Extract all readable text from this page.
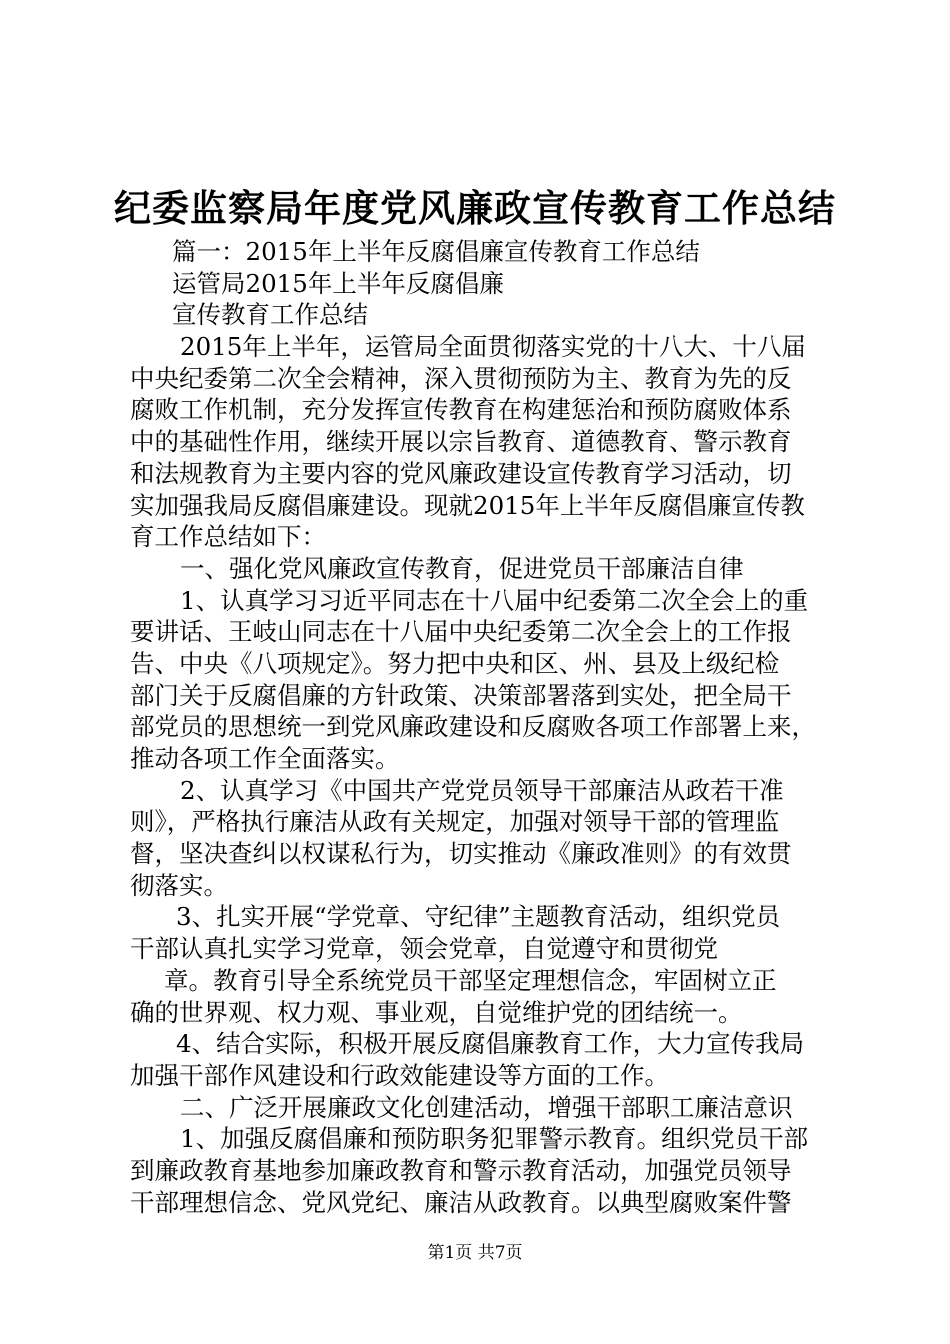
纪委监察局年度党风廉政宣传教育工作总结
篇一：2015年上半年反腐倡廉宣传教育工作总结
运管局2015年上半年反腐倡廉
宣传教育工作总结
2015年上半年，运管局全面贯彻落实党的十八大、十八届
中央纪委第二次全会精神，深入贯彻预防为主、教育为先的反
腐败工作机制，充分发挥宣传教育在构建惩治和预防腐败体系
中的基础性作用，继续开展以宗旨教育、道德教育、警示教育
和法规教育为主要内容的党风廉政建设宣传教育学习活动，切
实加强我局反腐倡廉建设。现就2015年上半年反腐倡廉宣传教
育工作总结如下：
一、强化党风廉政宣传教育，促进党员干部廉洁自律
1、认真学习习近平同志在十八届中纪委第二次全会上的重
要讲话、王岐山同志在十八届中央纪委第二次全会上的工作报
告、中央《八项规定》。努力把中央和区、州、县及上级纪检
部门关于反腐倡廉的方针政策、决策部署落到实处，把全局干
部党员的思想统一到党风廉政建设和反腐败各项工作部署上来，
推动各项工作全面落实。
2、认真学习《中国共产党党员领导干部廉洁从政若干准
则》，严格执行廉洁从政有关规定，加强对领导干部的管理监
督，坚决查纠以权谋私行为，切实推动《廉政准则》的有效贯
彻落实。
3、扎实开展“学党章、守纪律”主题教育活动，组织党员
干部认真扎实学习党章，领会党章，自觉遵守和贯彻党
章。教育引导全系统党员干部坚定理想信念，牢固树立正
确的世界观、权力观、事业观，自觉维护党的团结统一。
4、结合实际，积极开展反腐倡廉教育工作，大力宣传我局
加强干部作风建设和行政效能建设等方面的工作。
二、广泛开展廉政文化创建活动，增强干部职工廉洁意识
1、加强反腐倡廉和预防职务犯罪警示教育。组织党员干部
到廉政教育基地参加廉政教育和警示教育活动，加强党员领导
干部理想信念、党风党纪、廉洁从政教育。以典型腐败案件警
第1页 共7页
